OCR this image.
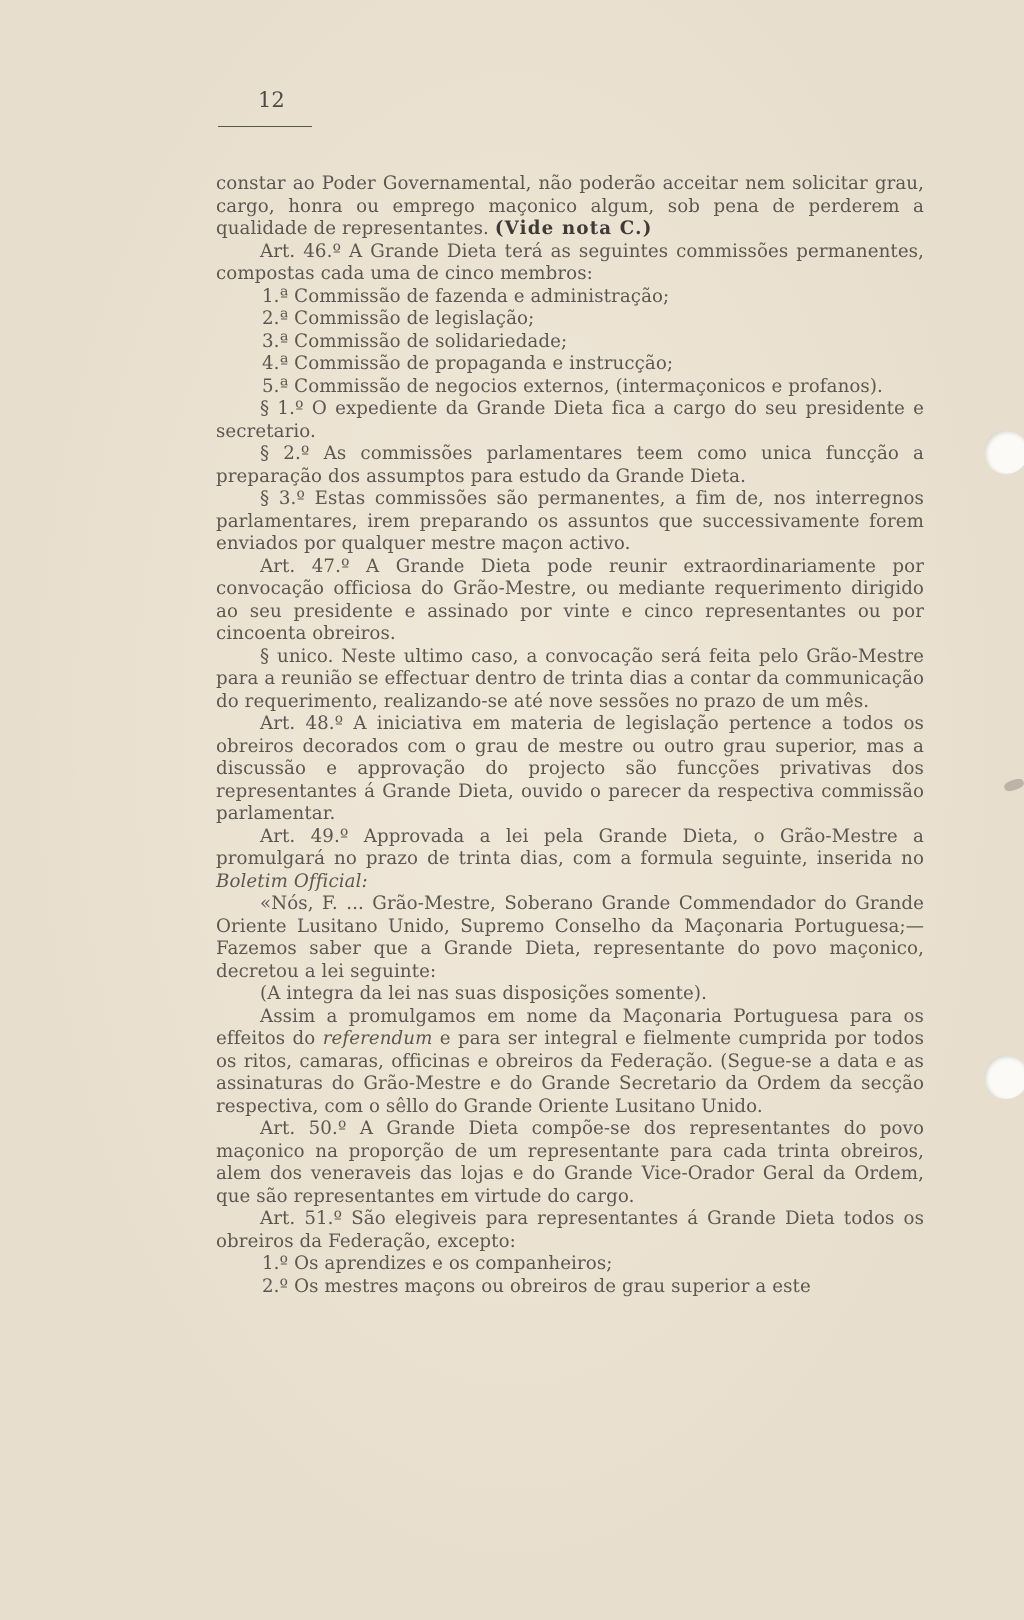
12

constar ao Poder Governamental, não poderão acceitar nem solicitar grau, cargo, honra ou emprego maçonico algum, sob pena de perderem a qualidade de representantes. (Vide nota C.)

Art. 46.º A Grande Dieta terá as seguintes commissões permanentes, compostas cada uma de cinco membros:

1.ª Commissão de fazenda e administração;

2.ª Commissão de legislação;

3.ª Commissão de solidariedade;

4.ª Commissão de propaganda e instrucção;

5.ª Commissão de negocios externos, (intermaçonicos e profanos).

§ 1.º O expediente da Grande Dieta fica a cargo do seu presidente e secretario.

§ 2.º As commissões parlamentares teem como unica funcção a preparação dos assumptos para estudo da Grande Dieta.

§ 3.º Estas commissões são permanentes, a fim de, nos interregnos parlamentares, irem preparando os assuntos que successivamente forem enviados por qualquer mestre maçon activo.

Art. 47.º A Grande Dieta pode reunir extraordinariamente por convocação officiosa do Grão-Mestre, ou mediante requerimento dirigido ao seu presidente e assinado por vinte e cinco representantes ou por cincoenta obreiros.

§ unico. Neste ultimo caso, a convocação será feita pelo Grão-Mestre para a reunião se effectuar dentro de trinta dias a contar da communicação do requerimento, realizando-se até nove sessões no prazo de um mês.

Art. 48.º A iniciativa em materia de legislação pertence a todos os obreiros decorados com o grau de mestre ou outro grau superior, mas a discussão e approvação do projecto são funcções privativas dos representantes á Grande Dieta, ouvido o parecer da respectiva commissão parlamentar.

Art. 49.º Approvada a lei pela Grande Dieta, o Grão-Mestre a promulgará no prazo de trinta dias, com a formula seguinte, inserida no Boletim Official:

«Nós, F. ... Grão-Mestre, Soberano Grande Commendador do Grande Oriente Lusitano Unido, Supremo Conselho da Maçonaria Portuguesa;—Fazemos saber que a Grande Dieta, representante do povo maçonico, decretou a lei seguinte:

(A integra da lei nas suas disposições somente).

Assim a promulgamos em nome da Maçonaria Portuguesa para os effeitos do referendum e para ser integral e fielmente cumprida por todos os ritos, camaras, officinas e obreiros da Federação. (Segue-se a data e as assinaturas do Grão-Mestre e do Grande Secretario da Ordem da secção respectiva, com o sêllo do Grande Oriente Lusitano Unido.

Art. 50.º A Grande Dieta compõe-se dos representantes do povo maçonico na proporção de um representante para cada trinta obreiros, alem dos veneraveis das lojas e do Grande Vice-Orador Geral da Ordem, que são representantes em virtude do cargo.

Art. 51.º São elegiveis para representantes á Grande Dieta todos os obreiros da Federação, excepto:

1.º Os aprendizes e os companheiros;

2.º Os mestres maçons ou obreiros de grau superior a este
